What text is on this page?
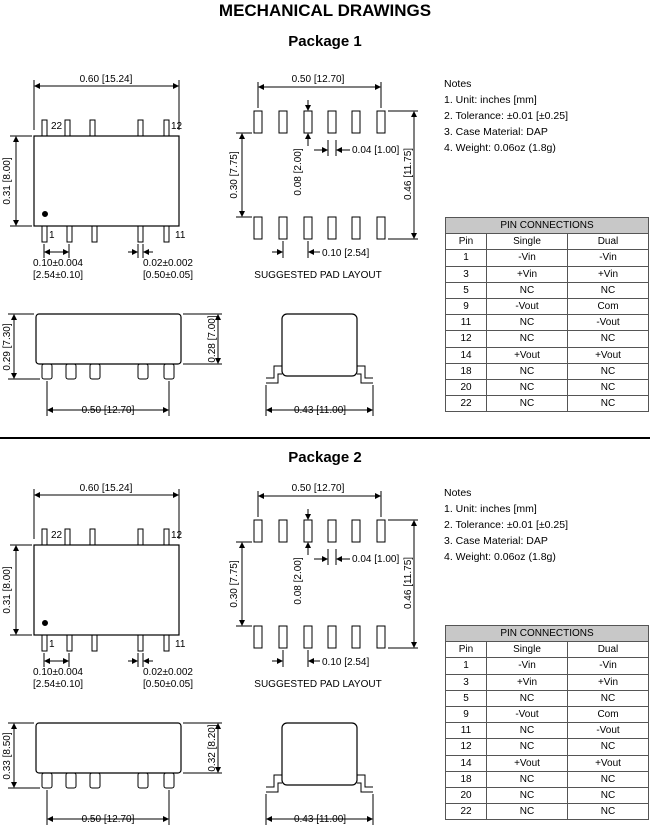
MECHANICAL DRAWINGS
Package 1
Package 2
0.60 [15.24]
0.31 [8.00]
22	12
1	11
0.10±0.004
[2.54±0.10]
0.02±0.002
[0.50±0.05]
0.50 [12.70]
0.04 [1.00]
0.08 [2.00]
0.30 [7.75]	0.46 [11.75]
0.10 [2.54]
SUGGESTED PAD LAYOUT
0.29 [7.30]	0.28 [7.00]
0.50 [12.70]	0.43 [11.00]
Notes
1. Unit: inches [mm]
2. Tolerance: ±0.01 [±0.25]
3. Case Material: DAP
4. Weight: 0.06oz (1.8g)
PIN CONNECTIONS		
Pin	Single	Dual
1	-Vin	-Vin
3	+Vin	+Vin
5	NC	NC
9	-Vout	Com
11	NC	-Vout
12	NC	NC
14	+Vout	+Vout
18	NC	NC
20	NC	NC
22	NC	NC
0.60 [15.24]
0.31 [8.00]
22	12
1	11
0.10±0.004
[2.54±0.10]
0.02±0.002
[0.50±0.05]
0.50 [12.70]
0.04 [1.00]
0.08 [2.00]
0.30 [7.75]	0.46 [11.75]
0.10 [2.54]
SUGGESTED PAD LAYOUT
0.33 [8.50]	0.32 [8.20]
0.50 [12.70]	0.43 [11.00]
Notes
1. Unit: inches [mm]
2. Tolerance: ±0.01 [±0.25]
3. Case Material: DAP
4. Weight: 0.06oz (1.8g)
PIN CONNECTIONS		
Pin	Single	Dual
1	-Vin	-Vin
3	+Vin	+Vin
5	NC	NC
9	-Vout	Com
11	NC	-Vout
12	NC	NC
14	+Vout	+Vout
18	NC	NC
20	NC	NC
22	NC	NC
